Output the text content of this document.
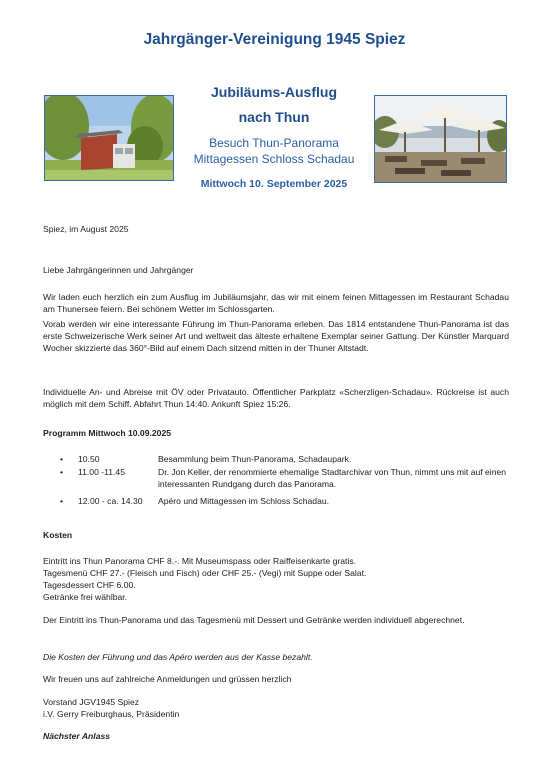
Jahrgänger-Vereinigung 1945 Spiez
Jubiläums-Ausflug
nach Thun
Besuch Thun-Panorama
Mittagessen Schloss Schadau
Mittwoch 10. September 2025
Spiez, im August 2025
Liebe Jahrgängerinnen und Jahrgänger
Wir laden euch herzlich ein zum Ausflug im Jubiläumsjahr, das wir mit einem feinen Mittagessen im Restaurant Schadau am Thunersee feiern. Bei schönem Wetter im Schlossgarten.
Vorab werden wir eine interessante Führung im Thun-Panorama erleben. Das 1814 entstandene Thun-Panorama ist das erste Schweizerische Werk seiner Art und weltweit das älteste erhaltene Exemplar seiner Gattung. Der Künstler Marquard Wocher skizzierte das 360°-Bild auf einem Dach sitzend mitten in der Thuner Altstadt.
Individuelle An- und Abreise mit ÖV oder Privatauto. Öffentlicher Parkplatz «Scherzligen-Schadau». Rückreise ist auch möglich mit dem Schiff. Abfahrt Thun 14:40. Ankunft Spiez 15:26.
Programm Mittwoch 10.09.2025
• 10.50	Besammlung beim Thun-Panorama, Schadaupark.
• 11.00 -11.45	Dr. Jon Keller, der renommierte ehemalige Stadtarchivar von Thun, nimmt uns mit auf einen interessanten Rundgang durch das Panorama.
• 12.00 - ca. 14.30 Apéro und Mittagessen im Schloss Schadau.
Kosten
Eintritt ins Thun Panorama CHF 8.-. Mit Museumspass oder Raiffeisenkarte gratis.
Tagesmenü CHF 27.- (Fleisch und Fisch) oder CHF 25.- (Vegi) mit Suppe oder Salat.
Tagesdessert CHF 6.00.
Getränke frei wählbar.
Der Eintritt ins Thun-Panorama und das Tagesmenü mit Dessert und Getränke werden individuell abgerechnet.
Die Kosten der Führung und das Apéro werden aus der Kasse bezahlt.
Wir freuen uns auf zahlreiche Anmeldungen und grüssen herzlich
Vorstand JGV1945 Spiez
i.V. Gerry Freiburghaus, Präsidentin
Nächster Anlass
